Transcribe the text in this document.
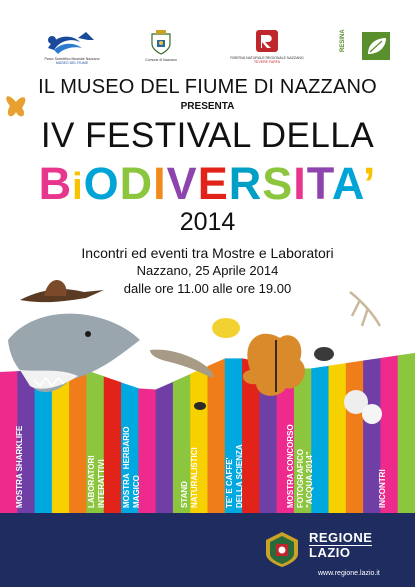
Parco Scientifico Museale Nazzano
MUSEO DEL FIUME
Comune di Nazzano	RISERVA NATURALE REGIONALE NAZZANO
TEVERE FARFA
RESINA
IL MUSEO DEL FIUME DI NAZZANO
PRESENTA
IV FESTIVAL DELLA
BiODIVERSITA’
2014
Incontri ed eventi tra Mostre e Laboratori
Nazzano, 25 Aprile 2014
dalle ore 11.00 alle ore 19.00
MOSTRA SHARKLIFE	LABORATORI
INTERATTIVI MOSTRA  HERBARIO
MAGICO	STAND
NATURALISTICI	TE' E CAFFE'
DELLA SCIENZA
MOSTRA CONCORSO
FOTOGRAFICO
"ACQUA 2014"
INCONTRI
REGIONE
LAZIO
www.regione.lazio.it
